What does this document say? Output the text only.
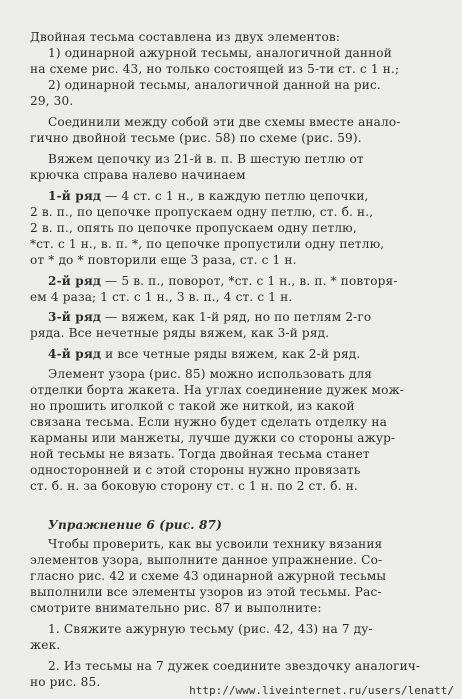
Двойная тесьма составлена из двух элементов:
1) одинарной ажурной тесьмы, аналогичной данной
на схеме рис. 43, но только состоящей из 5-ти ст. с 1 н.;
2) одинарной тесьмы, аналогичной данной на рис.
29, 30.
Соединили между собой эти две схемы вместе анало-
гично двойной тесьме (рис. 58) по схеме (рис. 59).
Вяжем цепочку из 21-й в. п. В шестую петлю от
крючка справа налево начинаем
1-й ряд — 4 ст. с 1 н., в каждую петлю цепочки,
2 в. п., по цепочке пропускаем одну петлю, ст. б. н.,
2 в. п., опять по цепочке пропускаем одну петлю,
*ст. с 1 н., в. п. *, по цепочке пропустили одну петлю,
от * до * повторили еще 3 раза, ст. с 1 н.
2-й ряд — 5 в. п., поворот, *ст. с 1 н., в. п. * повторя-
ем 4 раза; 1 ст. с 1 н., 3 в. п., 4 ст. с 1 н.
3-й ряд — вяжем, как 1-й ряд, но по петлям 2-го
ряда. Все нечетные ряды вяжем, как 3-й ряд.
4-й ряд и все четные ряды вяжем, как 2-й ряд.
Элемент узора (рис. 85) можно использовать для
отделки борта жакета. На углах соединение дужек мож-
но прошить иголкой с такой же ниткой, из какой
связана тесьма. Если нужно будет сделать отделку на
карманы или манжеты, лучше дужки со стороны ажур-
ной тесьмы не вязать. Тогда двойная тесьма станет
односторонней и с этой стороны нужно провязать
ст. б. н. за боковую сторону ст. с 1 н. по 2 ст. б. н.
Упражнение 6 (рис. 87)
Чтобы проверить, как вы усвоили технику вязания
элементов узора, выполните данное упражнение. Со-
гласно рис. 42 и схеме 43 одинарной ажурной тесьмы
выполнили все элементы узоров из этой тесьмы. Рас-
смотрите внимательно рис. 87 и выполните:
1. Свяжите ажурную тесьму (рис. 42, 43) на 7 ду-
жек.
2. Из тесьмы на 7 дужек соедините звездочку аналогич-
но рис. 85.
http://www.liveinternet.ru/users/lenatt/
